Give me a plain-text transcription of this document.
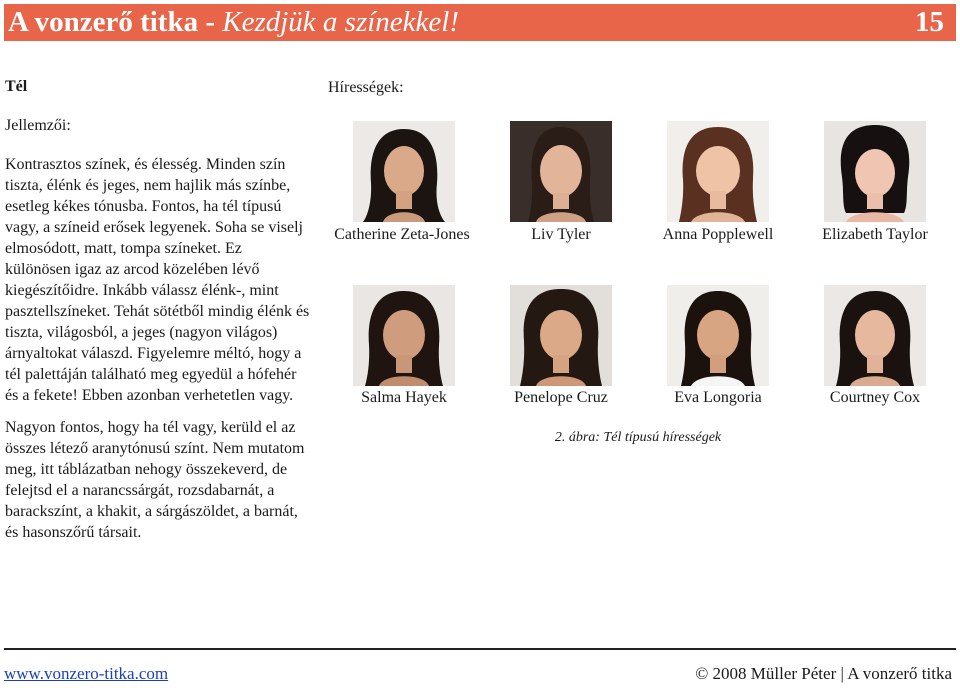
A vonzerő titka - Kezdjük a színekkel!	15

Tél

Jellemzői:

Kontrasztos színek, és élesség. Minden szín tiszta, élénk és jeges, nem hajlik más színbe, esetleg kékes tónusba. Fontos, ha tél típusú vagy, a színeid erősek legyenek. Soha se viselj elmosódott, matt, tompa színeket. Ez különösen igaz az arcod közelében lévő kiegészítőidre. Inkább válassz élénk-, mint pasztellszíneket. Tehát sötétből mindig élénk és tiszta, világosból, a jeges (nagyon világos) árnyaltokat válaszd. Figyelemre méltó, hogy a tél palettáján található meg egyedül a hófehér és a fekete! Ebben azonban verhetetlen vagy.

Nagyon fontos, hogy ha tél vagy, kerüld el az összes létező aranytónusú színt. Nem mutatom meg, itt táblázatban nehogy összekeverd, de felejtsd el a narancssárgát, rozsdabarnát, a barackszínt, a khakit, a sárgászöldet, a barnát, és hasonszőrű társait.

Hírességek:
Catherine Zeta-Jones	Liv Tyler	Anna Popplewell	Elizabeth Taylor
Salma Hayek	Penelope Cruz	Eva Longoria	Courtney Cox
2. ábra: Tél típusú hírességek
www.vonzero-titka.com	© 2008 Müller Péter | A vonzerő titka
